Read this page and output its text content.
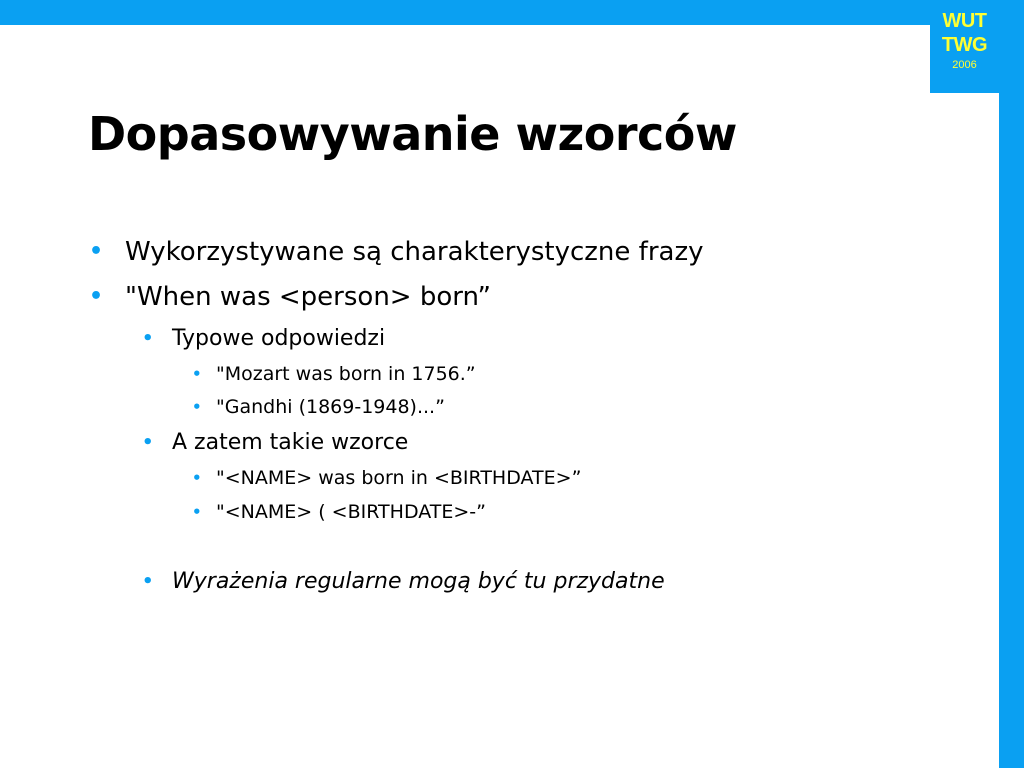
WUT
TWG
2006
Dopasowywanie wzorców
• Wykorzystywane są charakterystyczne frazy
• "When was <person> born”
• Typowe odpowiedzi
• "Mozart was born in 1756.”
• "Gandhi (1869-1948)...”
• A zatem takie wzorce
• "<NAME> was born in <BIRTHDATE>”
• "<NAME> ( <BIRTHDATE>-”
• Wyrażenia regularne mogą być tu przydatne
